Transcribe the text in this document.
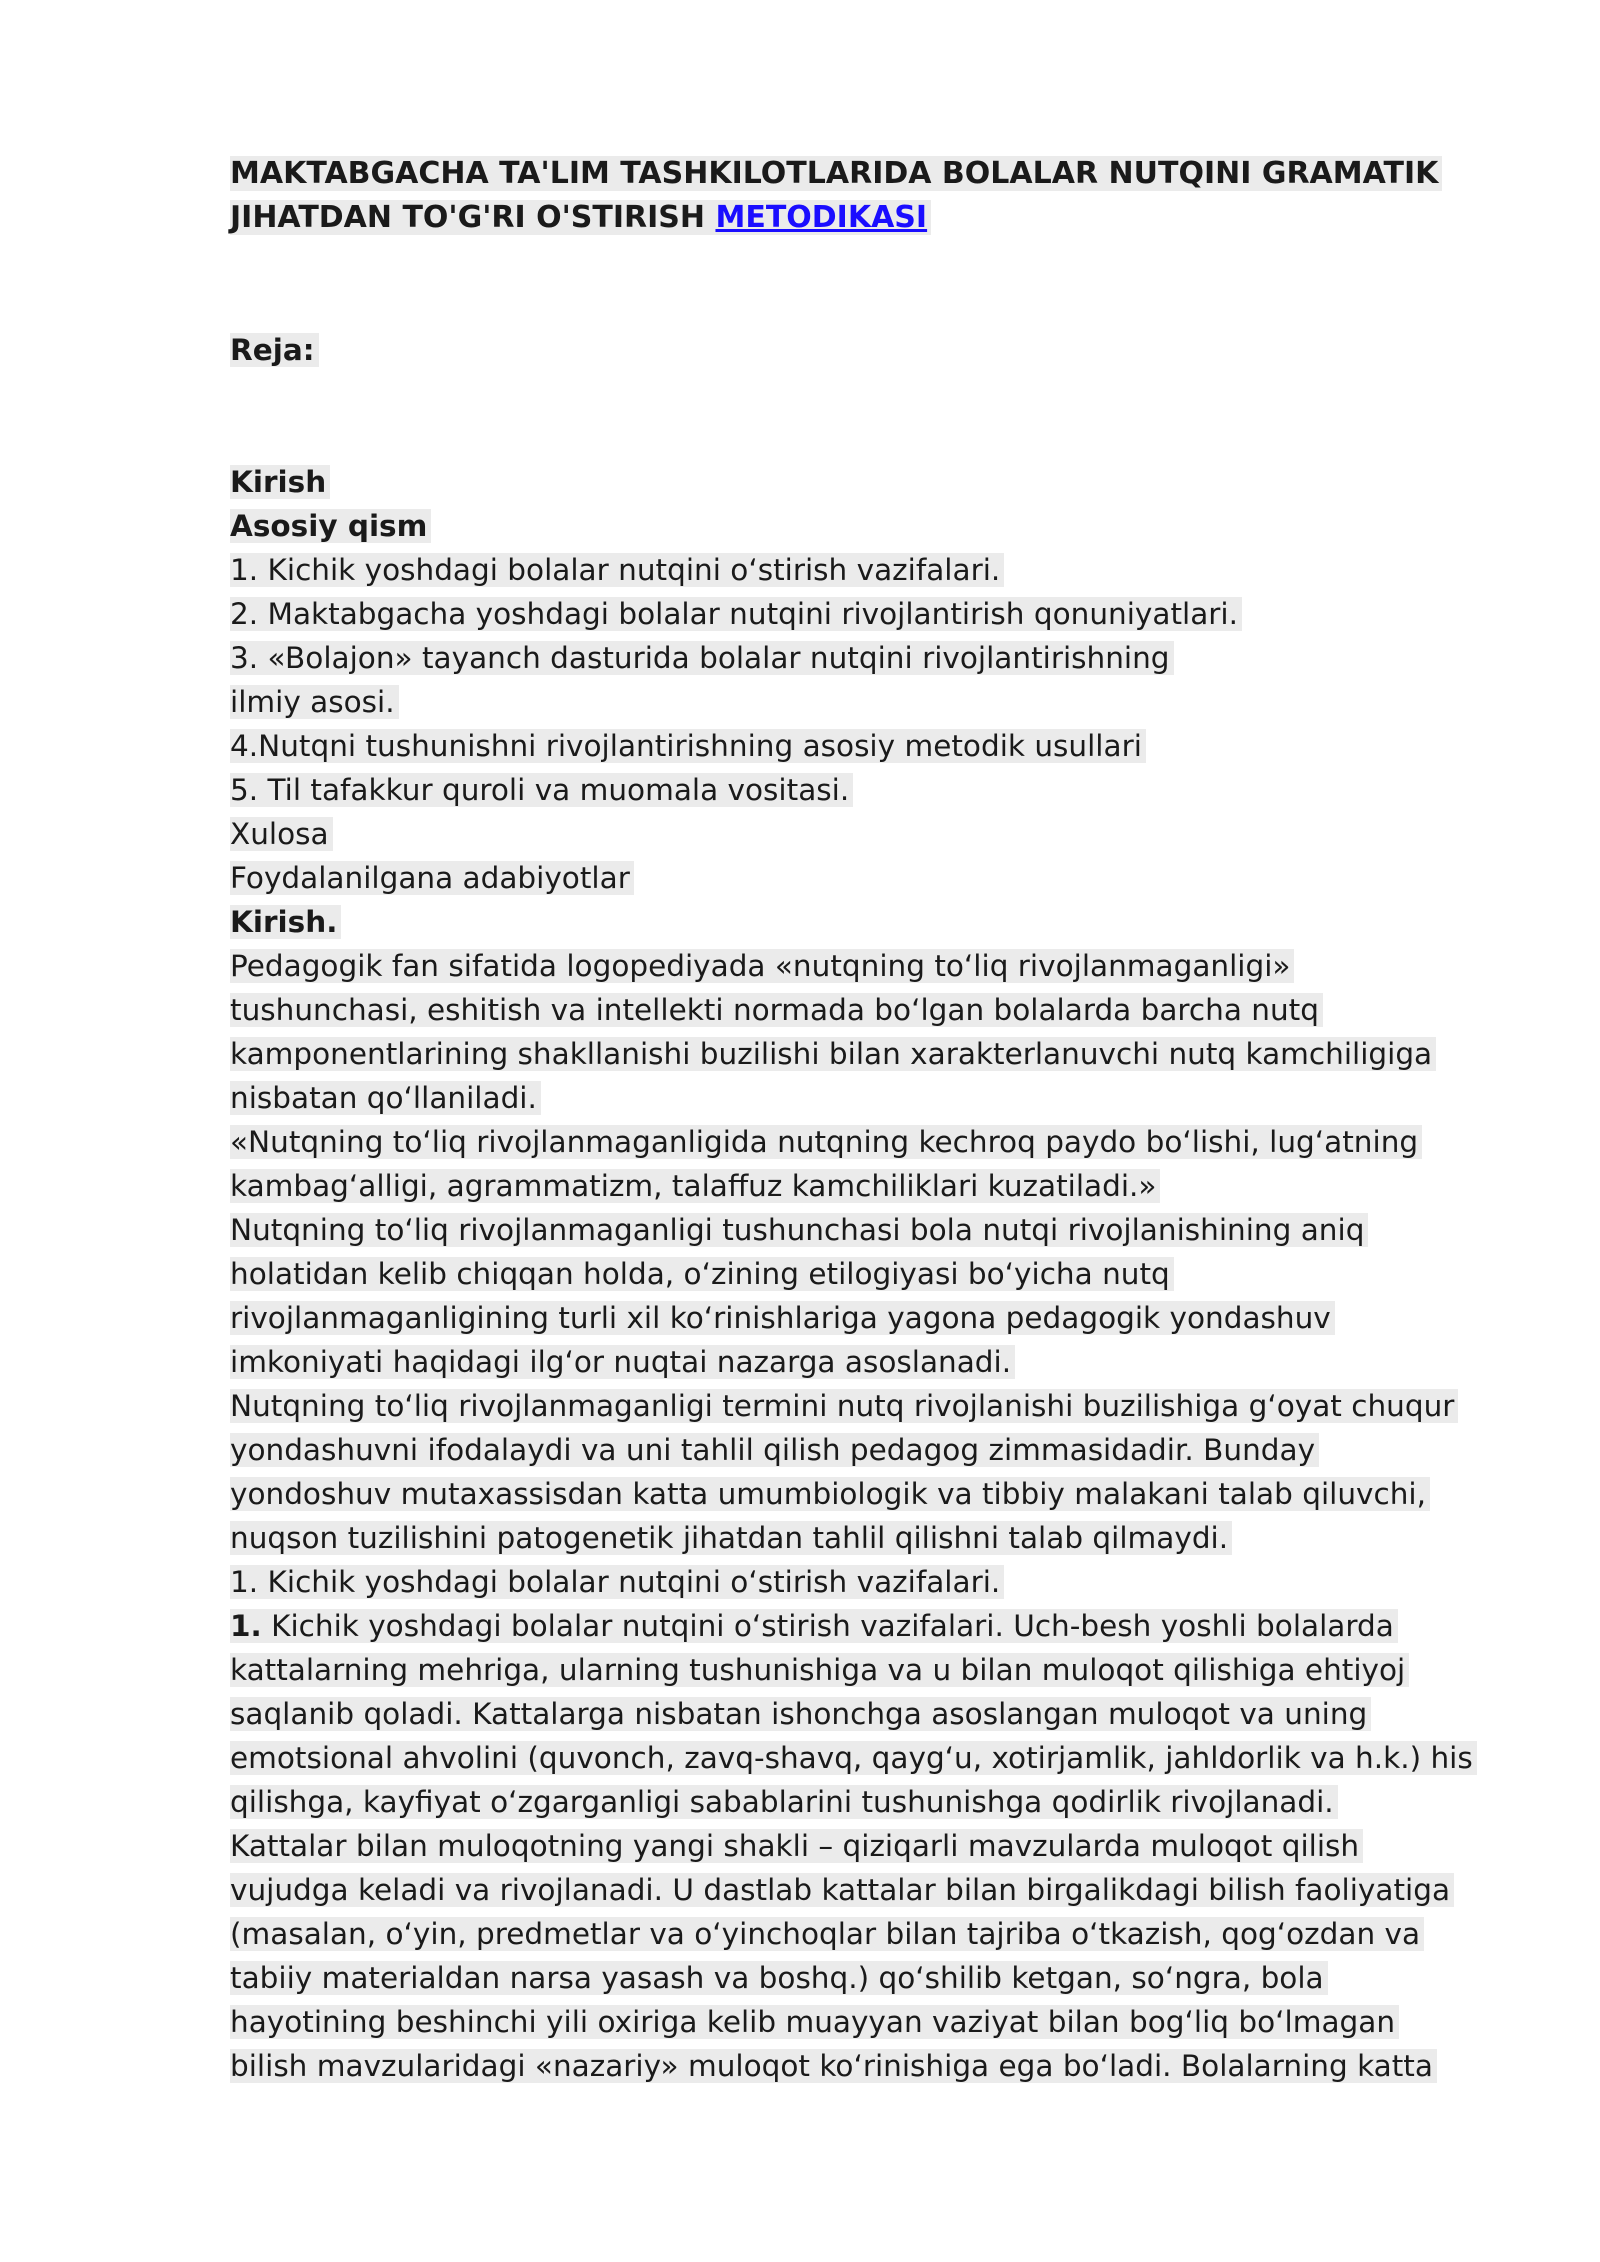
MAKTABGACHA TA'LIM TASHKILOTLARIDA BOLALAR NUTQINI GRAMATIK
JIHATDAN TO'G'RI O'STIRISH METODIKASI
Reja:
Kirish
Asosiy qism
1. Kichik yoshdagi bolalar nutqini o‘stirish vazifalari.
2. Maktabgacha yoshdagi bolalar nutqini rivojlantirish qonuniyatlari.
3. «Bolajon» tayanch dasturida bolalar nutqini rivojlantirishning
ilmiy asosi.
4.Nutqni tushunishni rivojlantirishning asosiy metodik usullari
5. Til tafakkur quroli va muomala vositasi.
Xulosa
Foydalanilgana adabiyotlar
Kirish.
Pedagogik fan sifatida logopediyada «nutqning to‘liq rivojlanmaganligi»
tushunchasi, eshitish va intellekti normada bo‘lgan bolalarda barcha nutq
kamponentlarining shakllanishi buzilishi bilan xarakterlanuvchi nutq kamchiligiga
nisbatan qo‘llaniladi.
«Nutqning to‘liq rivojlanmaganligida nutqning kechroq paydo bo‘lishi, lug‘atning
kambag‘alligi, agrammatizm, talaffuz kamchiliklari kuzatiladi.»
Nutqning to‘liq rivojlanmaganligi tushunchasi bola nutqi rivojlanishining aniq
holatidan kelib chiqqan holda, o‘zining etilogiyasi bo‘yicha nutq
rivojlanmaganligining turli xil ko‘rinishlariga yagona pedagogik yondashuv
imkoniyati haqidagi ilg‘or nuqtai nazarga asoslanadi.
Nutqning to‘liq rivojlanmaganligi termini nutq rivojlanishi buzilishiga g‘oyat chuqur
yondashuvni ifodalaydi va uni tahlil qilish pedagog zimmasidadir. Bunday
yondoshuv mutaxassisdan katta umumbiologik va tibbiy malakani talab qiluvchi,
nuqson tuzilishini patogenetik jihatdan tahlil qilishni talab qilmaydi.
1. Kichik yoshdagi bolalar nutqini o‘stirish vazifalari.
1. Kichik yoshdagi bolalar nutqini o‘stirish vazifalari. Uch-besh yoshli bolalarda
kattalarning mehriga, ularning tushunishiga va u bilan muloqot qilishiga ehtiyoj
saqlanib qoladi. Kattalarga nisbatan ishonchga asoslangan muloqot va uning
emotsional ahvolini (quvonch, zavq-shavq, qayg‘u, xotirjamlik, jahldorlik va h.k.) his
qilishga, kayfiyat o‘zgarganligi sabablarini tushunishga qodirlik rivojlanadi.
Kattalar bilan muloqotning yangi shakli – qiziqarli mavzularda muloqot qilish
vujudga keladi va rivojlanadi. U dastlab kattalar bilan birgalikdagi bilish faoliyatiga
(masalan, o‘yin, predmetlar va o‘yinchoqlar bilan tajriba o‘tkazish, qog‘ozdan va
tabiiy materialdan narsa yasash va boshq.) qo‘shilib ketgan, so‘ngra, bola
hayotining beshinchi yili oxiriga kelib muayyan vaziyat bilan bog‘liq bo‘lmagan
bilish mavzularidagi «nazariy» muloqot ko‘rinishiga ega bo‘ladi. Bolalarning katta
